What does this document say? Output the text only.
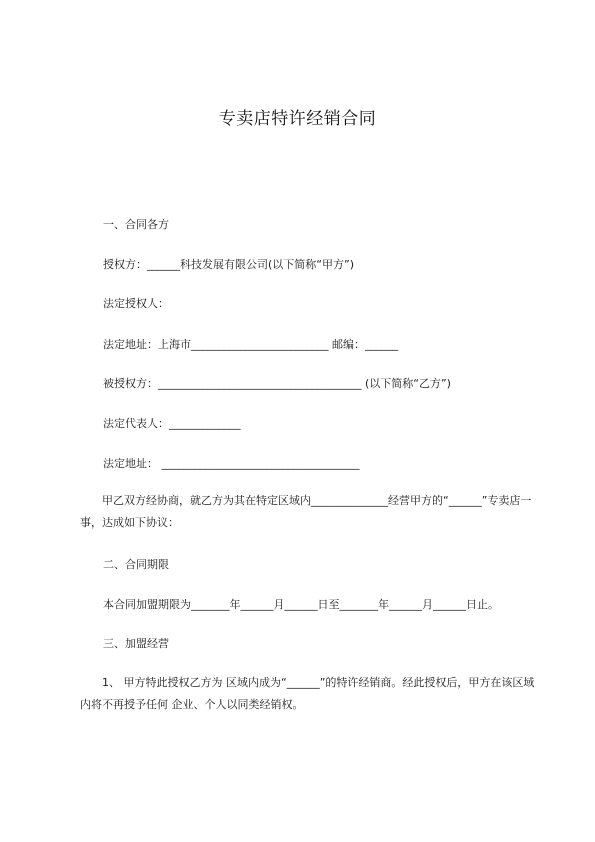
专卖店特许经销合同
一、合同各方
授权方：______科技发展有限公司(以下简称“甲方”)
法定授权人：
法定地址：上海市_________________________ 邮编：______
被授权方：_____________________________________ (以下简称“乙方”)
法定代表人：_____________
法定地址： ____________________________________
甲乙双方经协商，就乙方为其在特定区域内______________经营甲方的“______”专卖店一事，达成如下协议：
二、合同期限
本合同加盟期限为_______年______月______日至_______年______月______日止。
三、加盟经营
1、 甲方特此授权乙方为 区域内成为“______”的特许经销商。经此授权后，甲方在该区域内将不再授予任何 企业、个人以同类经销权。
